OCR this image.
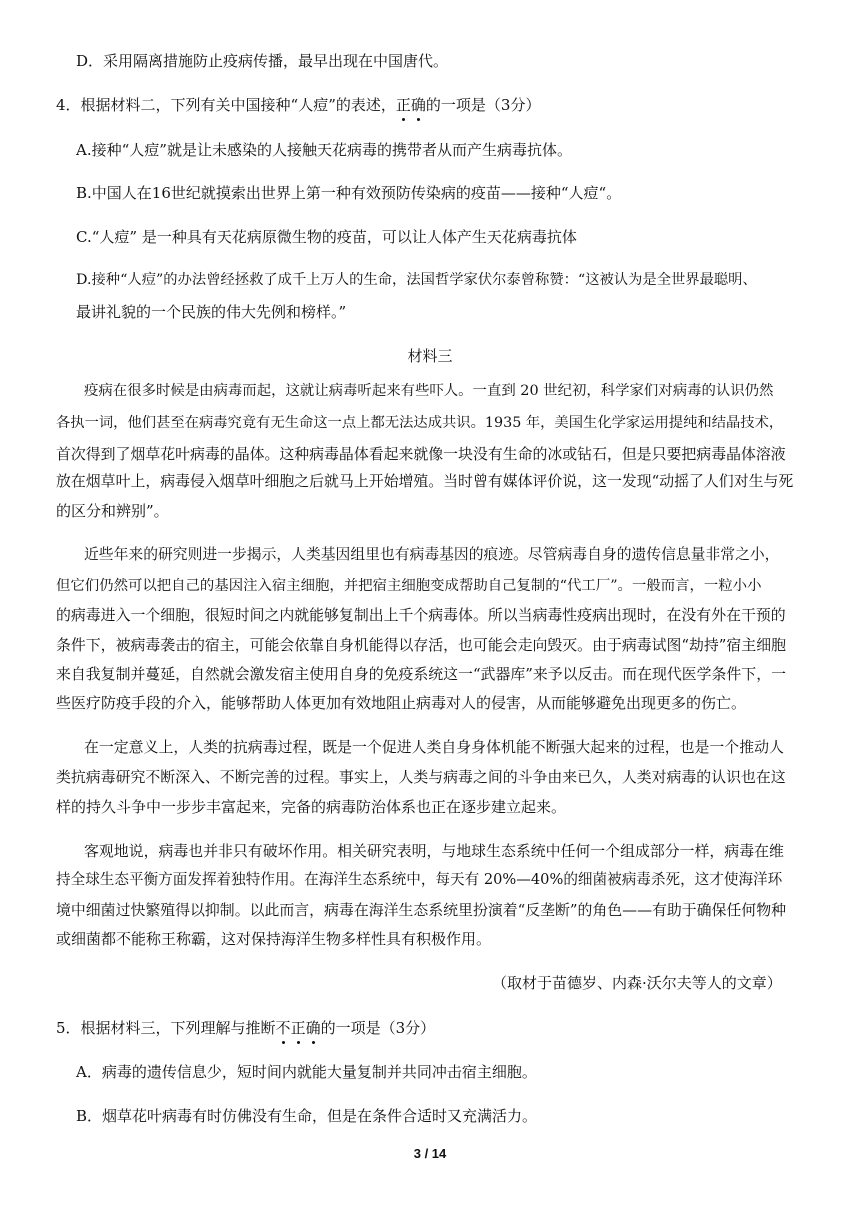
D．采用隔离措施防止疫病传播，最早出现在中国唐代。
4．根据材料二，下列有关中国接种“人痘”的表述，正确的一项是（3分）
A.接种“人痘”就是让未感染的人接触天花病毒的携带者从而产生病毒抗体。
B.中国人在16世纪就摸索出世界上第一种有效预防传染病的疫苗——接种“人痘“。
C.“人痘” 是一种具有天花病原微生物的疫苗，可以让人体产生天花病毒抗体
D.接种“人痘”的办法曾经拯救了成千上万人的生命，法国哲学家伏尔泰曾称赞：“这被认为是全世界最聪明、
最讲礼貌的一个民族的伟大先例和榜样。”
材料三
疫病在很多时候是由病毒而起，这就让病毒听起来有些吓人。一直到 20 世纪初，科学家们对病毒的认识仍然
各执一词，他们甚至在病毒究竟有无生命这一点上都无法达成共识。1935 年，美国生化学家运用提纯和结晶技术，
首次得到了烟草花叶病毒的晶体。这种病毒晶体看起来就像一块没有生命的冰或钻石，但是只要把病毒晶体溶液
放在烟草叶上，病毒侵入烟草叶细胞之后就马上开始增殖。当时曾有媒体评价说，这一发现“动摇了人们对生与死
的区分和辨别”。
近些年来的研究则进一步揭示，人类基因组里也有病毒基因的痕迹。尽管病毒自身的遗传信息量非常之小，
但它们仍然可以把自己的基因注入宿主细胞，并把宿主细胞变成帮助自己复制的“代工厂”。一般而言，一粒小小
的病毒进入一个细胞，很短时间之内就能够复制出上千个病毒体。所以当病毒性疫病出现时，在没有外在干预的
条件下，被病毒袭击的宿主，可能会依靠自身机能得以存活，也可能会走向毁灭。由于病毒试图“劫持”宿主细胞
来自我复制并蔓延，自然就会激发宿主使用自身的免疫系统这一“武器库”来予以反击。而在现代医学条件下，一
些医疗防疫手段的介入，能够帮助人体更加有效地阻止病毒对人的侵害，从而能够避免出现更多的伤亡。
在一定意义上，人类的抗病毒过程，既是一个促进人类自身身体机能不断强大起来的过程，也是一个推动人
类抗病毒研究不断深入、不断完善的过程。事实上，人类与病毒之间的斗争由来已久，人类对病毒的认识也在这
样的持久斗争中一步步丰富起来，完备的病毒防治体系也正在逐步建立起来。
客观地说，病毒也并非只有破坏作用。相关研究表明，与地球生态系统中任何一个组成部分一样，病毒在维
持全球生态平衡方面发挥着独特作用。在海洋生态系统中，每天有 20%—40%的细菌被病毒杀死，这才使海洋环
境中细菌过快繁殖得以抑制。以此而言，病毒在海洋生态系统里扮演着“反垄断”的角色——有助于确保任何物种
或细菌都不能称王称霸，这对保持海洋生物多样性具有积极作用。
（取材于苗德岁、内森·沃尔夫等人的文章）
5．根据材料三，下列理解与推断不正确的一项是（3分）
A．病毒的遗传信息少，短时间内就能大量复制并共同冲击宿主细胞。
B．烟草花叶病毒有时仿佛没有生命，但是在条件合适时又充满活力。
3 / 14
